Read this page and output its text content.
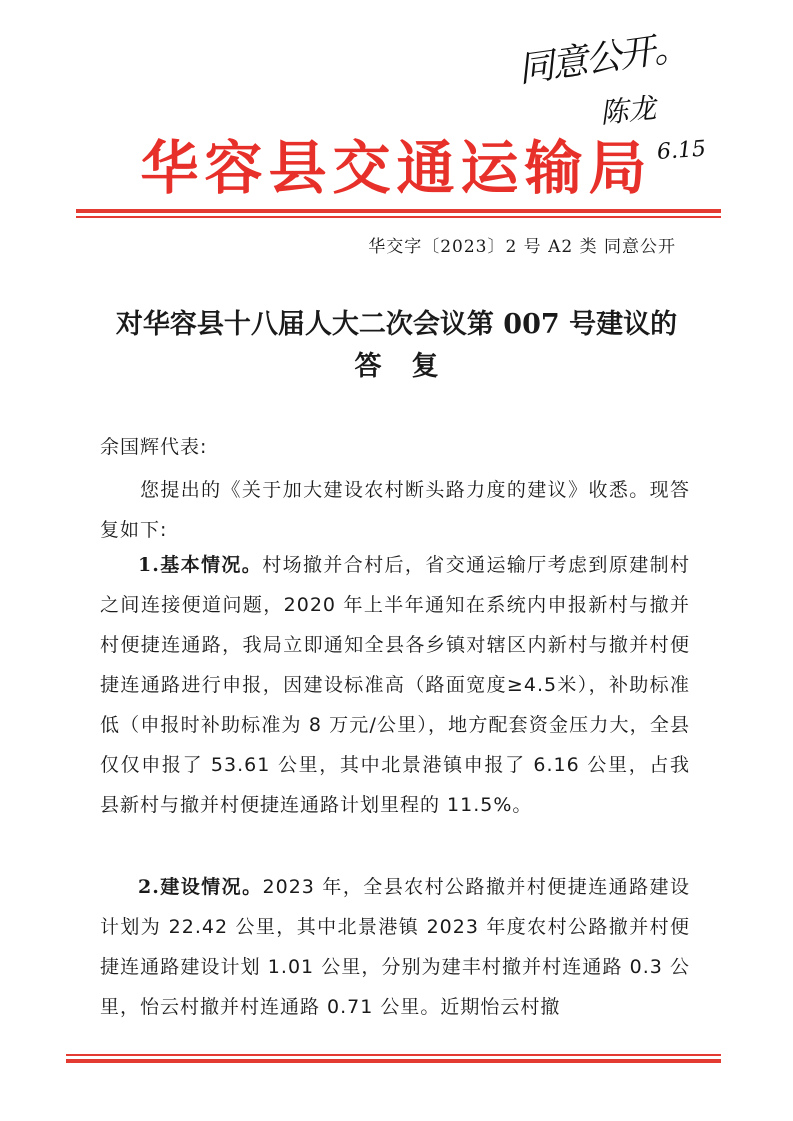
同意公开。
陈龙
6.15
华容县交通运输局
华交字〔2023〕2 号 A2 类 同意公开
对华容县十八届人大二次会议第 007 号建议的
答复
余国辉代表:
您提出的《关于加大建设农村断头路力度的建议》收悉。现答复如下:
1.基本情况。村场撤并合村后，省交通运输厅考虑到原建制村之间连接便道问题，2020 年上半年通知在系统内申报新村与撤并村便捷连通路，我局立即通知全县各乡镇对辖区内新村与撤并村便捷连通路进行申报，因建设标准高（路面宽度≥4.5米），补助标准低（申报时补助标准为 8 万元/公里），地方配套资金压力大，全县仅仅申报了 53.61 公里，其中北景港镇申报了 6.16 公里，占我县新村与撤并村便捷连通路计划里程的 11.5%。
2.建设情况。2023 年，全县农村公路撤并村便捷连通路建设计划为 22.42 公里，其中北景港镇 2023 年度农村公路撤并村便捷连通路建设计划 1.01 公里，分别为建丰村撤并村连通路 0.3 公里，怡云村撤并村连通路 0.71 公里。近期怡云村撤
